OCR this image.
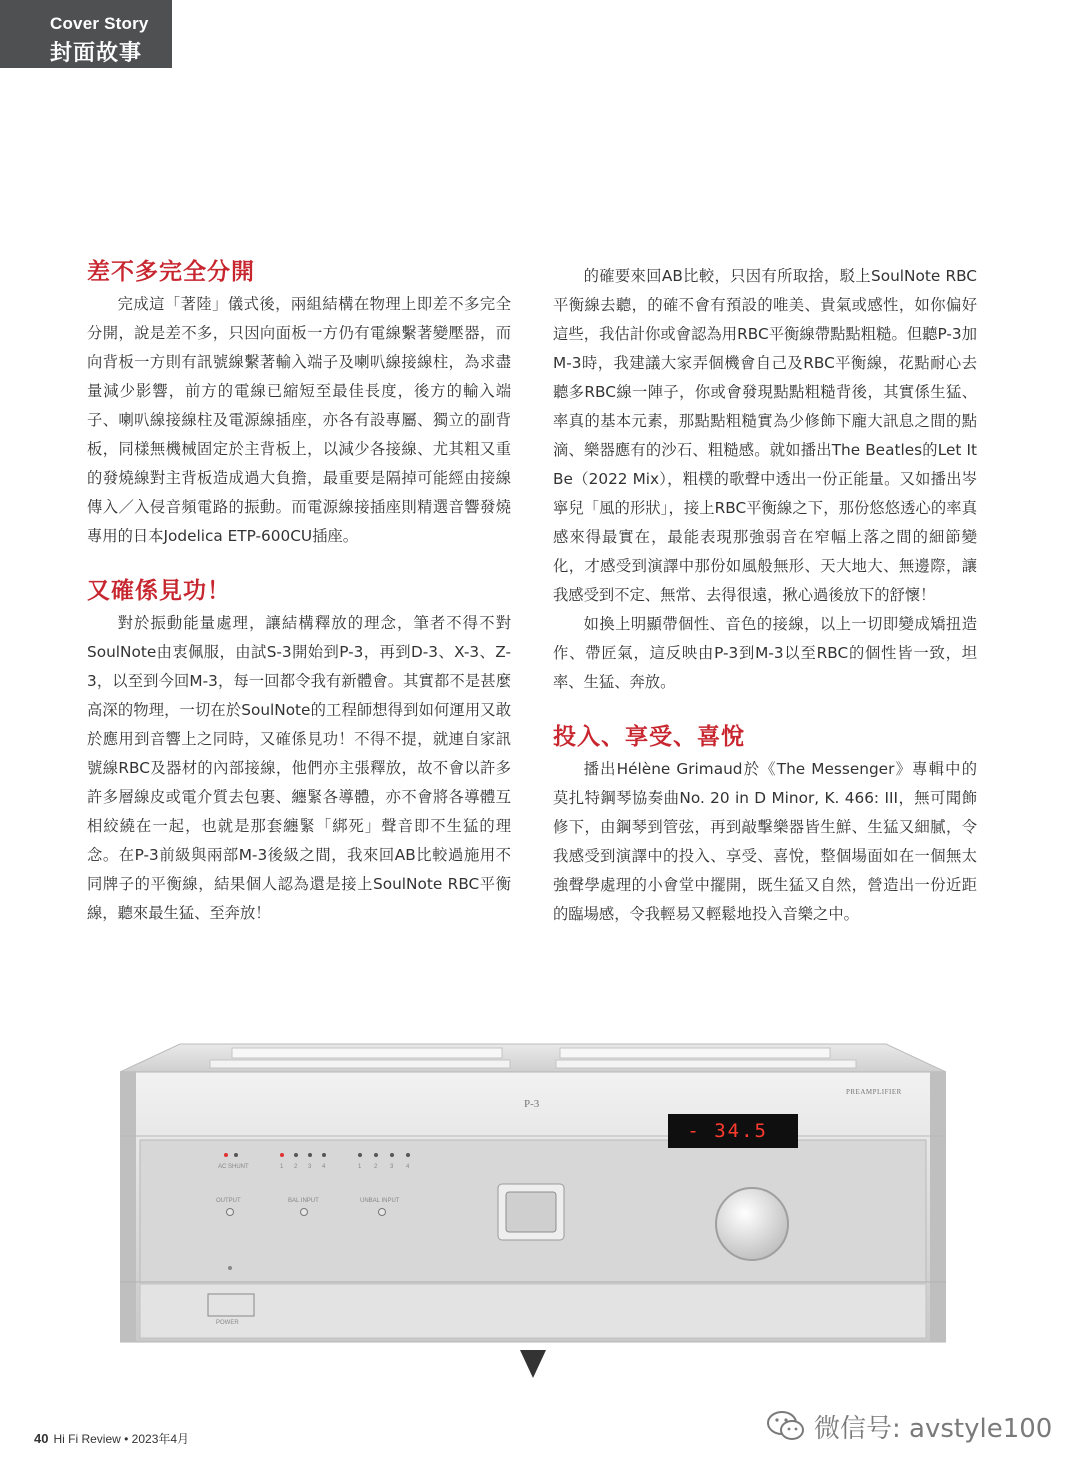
Cover Story
封面故事
差不多完全分開

完成這「著陸」儀式後，兩組結構在物理上即差不多完全分開，說是差不多，只因向面板一方仍有電線繫著變壓器，而向背板一方則有訊號線繫著輸入端子及喇叭線接線柱，為求盡量減少影響，前方的電線已縮短至最佳長度，後方的輸入端子、喇叭線接線柱及電源線插座，亦各有設專屬、獨立的副背板，同樣無機械固定於主背板上，以減少各接線、尤其粗又重的發燒線對主背板造成過大負擔，最重要是隔掉可能經由接線傳入／入侵音頻電路的振動。而電源線接插座則精選音響發燒專用的日本Jodelica ETP-600CU插座。

又確係見功！

對於振動能量處理，讓結構釋放的理念，筆者不得不對SoulNote由衷佩服，由試S-3開始到P-3，再到D-3、X-3、Z-3，以至到今回M-3，每一回都令我有新體會。其實都不是甚麼高深的物理，一切在於SoulNote的工程師想得到如何運用又敢於應用到音響上之同時，又確係見功！不得不提，就連自家訊號線RBC及器材的內部接線，他們亦主張釋放，故不會以許多許多層線皮或電介質去包裹、纏緊各導體，亦不會將各導體互相絞繞在一起，也就是那套纏緊「綁死」聲音即不生猛的理念。在P-3前級與兩部M-3後級之間，我來回AB比較過施用不同牌子的平衡線，結果個人認為還是接上SoulNote RBC平衡線，聽來最生猛、至奔放！

的確要來回AB比較，只因有所取捨，駁上SoulNote RBC平衡線去聽，的確不會有預設的唯美、貴氣或感性，如你偏好這些，我估計你或會認為用RBC平衡線帶點點粗糙。但聽P-3加M-3時，我建議大家弄個機會自己及RBC平衡線，花點耐心去聽多RBC線一陣子，你或會發現點點粗糙背後，其實係生猛、率真的基本元素，那點點粗糙實為少修飾下龐大訊息之間的點滴、樂器應有的沙石、粗糙感。就如播出The Beatles的Let It Be（2022 Mix），粗樸的歌聲中透出一份正能量。又如播出岑寧兒「風的形狀」，接上RBC平衡線之下，那份悠悠透心的率真感來得最實在，最能表現那強弱音在窄幅上落之間的細節變化，才感受到演譯中那份如風般無形、天大地大、無邊際，讓我感受到不定、無常、去得很遠，揪心過後放下的舒懷！

如換上明顯帶個性、音色的接線，以上一切即變成矯扭造作、帶匠氣，這反映由P-3到M-3以至RBC的個性皆一致，坦率、生猛、奔放。

投入、享受、喜悅

播出Hélène Grimaud於《The Messenger》專輯中的莫扎特鋼琴協奏曲No. 20 in D Minor, K. 466: III，無可聞飾修下，由鋼琴到管弦，再到敲擊樂器皆生鮮、生猛又細膩，令我感受到演譯中的投入、享受、喜悅，整個場面如在一個無太強聲學處理的小會堂中擺開，既生猛又自然，營造出一份近距的臨場感，令我輕易又輕鬆地投入音樂之中。

P-3
PREAMPLIFIER
- 34.5
AC SHUNT	1 2 3 4	1 2 3 4
OUTPUT	BAL INPUT	UNBAL INPUT
POWER
40 Hi Fi Review • 2023年4月	微信号: avstyle100
